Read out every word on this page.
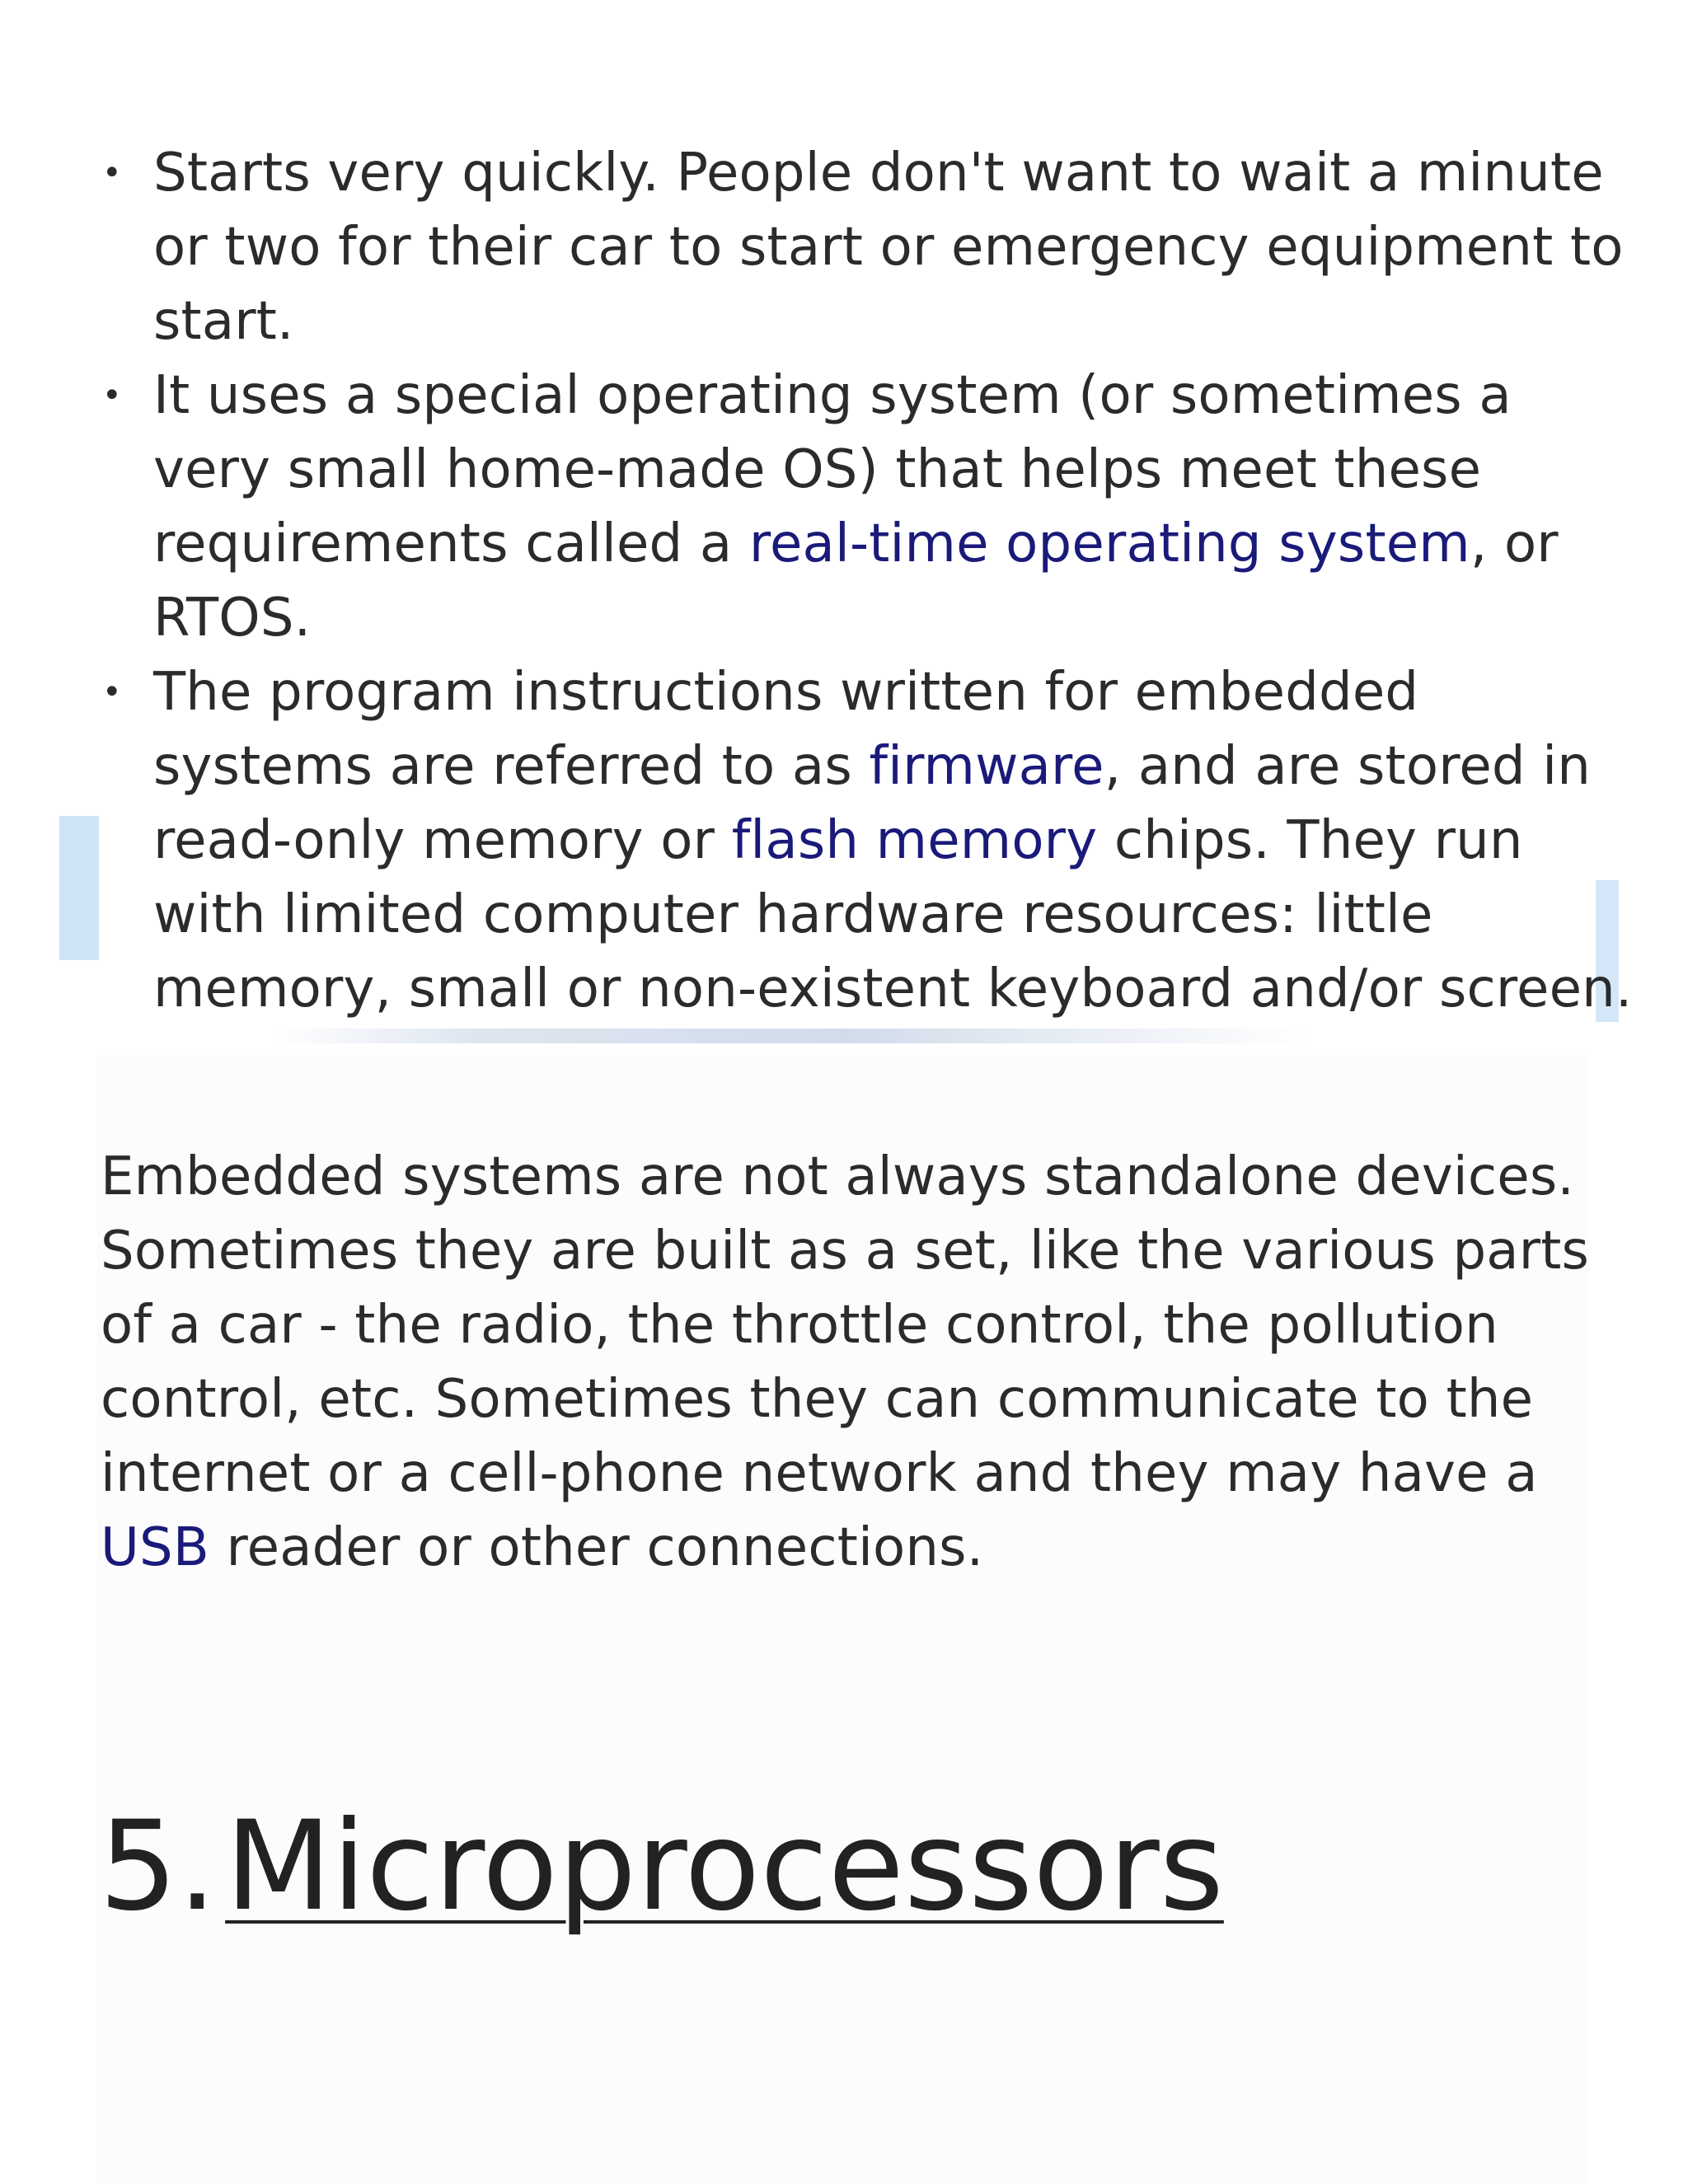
• Starts very quickly. People don't want to wait a minute or two for their car to start or emergency equipment to start.
• It uses a special operating system (or sometimes a very small home-made OS) that helps meet these requirements called a real-time operating system, or RTOS.
• The program instructions written for embedded systems are referred to as firmware, and are stored in read-only memory or flash memory chips. They run with limited computer hardware resources: little memory, small or non-existent keyboard and/or screen.

Embedded systems are not always standalone devices. Sometimes they are built as a set, like the various parts of a car - the radio, the throttle control, the pollution control, etc. Sometimes they can communicate to the internet or a cell-phone network and they may have a USB reader or other connections.

5.Microprocessors
